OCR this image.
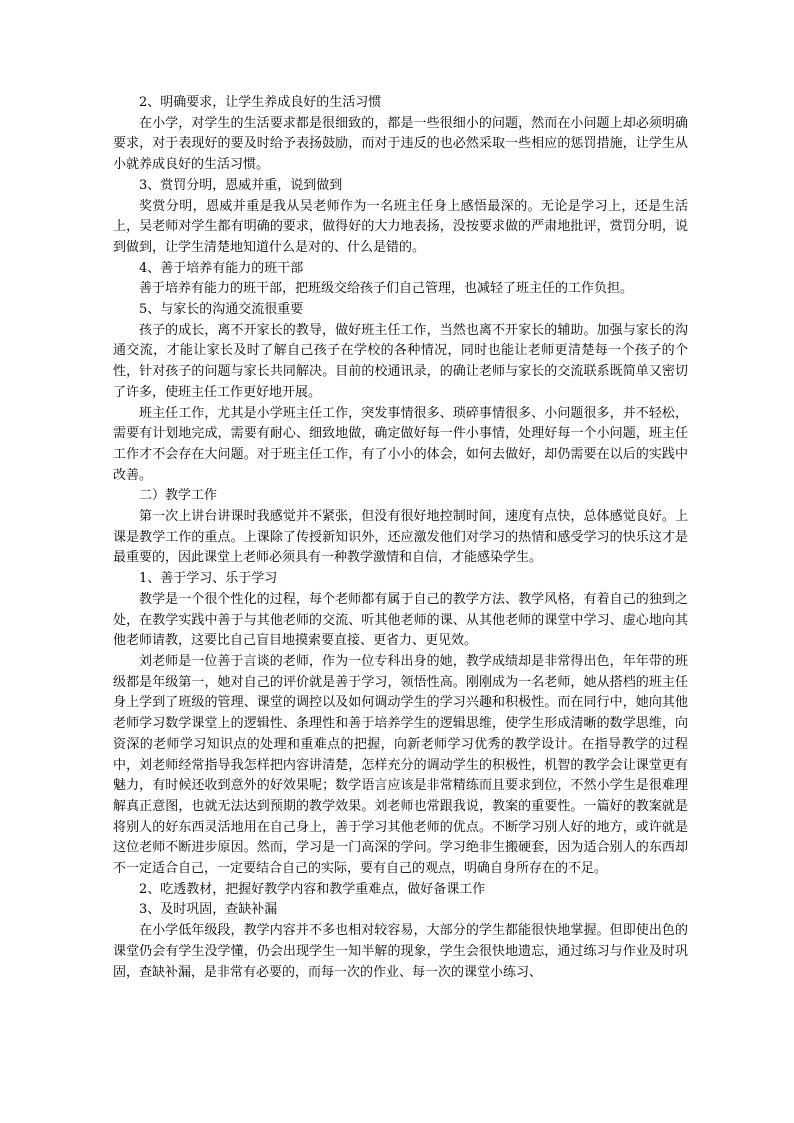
2、明确要求，让学生养成良好的生活习惯

在小学，对学生的生活要求都是很细致的，都是一些很细小的问题，然而在小问题上却必须明确要求，对于表现好的要及时给予表扬鼓励，而对于违反的也必然采取一些相应的惩罚措施，让学生从小就养成良好的生活习惯。

3、赏罚分明，恩威并重，说到做到

奖赏分明，恩威并重是我从吴老师作为一名班主任身上感悟最深的。无论是学习上，还是生活上，吴老师对学生都有明确的要求，做得好的大力地表扬，没按要求做的严肃地批评，赏罚分明，说到做到，让学生清楚地知道什么是对的、什么是错的。

4、善于培养有能力的班干部

善于培养有能力的班干部，把班级交给孩子们自己管理，也减轻了班主任的工作负担。

5、与家长的沟通交流很重要

孩子的成长，离不开家长的教导，做好班主任工作，当然也离不开家长的辅助。加强与家长的沟通交流，才能让家长及时了解自己孩子在学校的各种情况，同时也能让老师更清楚每一个孩子的个性，针对孩子的问题与家长共同解决。目前的校通讯录，的确让老师与家长的交流联系既简单又密切了许多，使班主任工作更好地开展。

班主任工作，尤其是小学班主任工作，突发事情很多、琐碎事情很多、小问题很多，并不轻松，需要有计划地完成，需要有耐心、细致地做，确定做好每一件小事情，处理好每一个小问题，班主任工作才不会存在大问题。对于班主任工作，有了小小的体会，如何去做好，却仍需要在以后的实践中改善。

二）教学工作

第一次上讲台讲课时我感觉并不紧张，但没有很好地控制时间，速度有点快，总体感觉良好。上课是教学工作的重点。上课除了传授新知识外，还应激发他们对学习的热情和感受学习的快乐这才是最重要的，因此课堂上老师必须具有一种教学激情和自信，才能感染学生。

1、善于学习、乐于学习

教学是一个很个性化的过程，每个老师都有属于自己的教学方法、教学风格，有着自己的独到之处，在教学实践中善于与其他老师的交流、听其他老师的课、从其他老师的课堂中学习、虚心地向其他老师请教，这要比自己盲目地摸索要直接、更省力、更见效。

刘老师是一位善于言谈的老师，作为一位专科出身的她，教学成绩却是非常得出色，年年带的班级都是年级第一，她对自己的评价就是善于学习，领悟性高。刚刚成为一名老师，她从搭档的班主任身上学到了班级的管理、课堂的调控以及如何调动学生的学习兴趣和积极性。而在同行中，她向其他老师学习数学课堂上的逻辑性、条理性和善于培养学生的逻辑思维，使学生形成清晰的数学思维，向资深的老师学习知识点的处理和重难点的把握，向新老师学习优秀的教学设计。在指导教学的过程中，刘老师经常指导我怎样把内容讲清楚，怎样充分的调动学生的积极性，机智的教学会让课堂更有魅力，有时候还收到意外的好效果呢；数学语言应该是非常精练而且要求到位，不然小学生是很难理解真正意图，也就无法达到预期的教学效果。刘老师也常跟我说，教案的重要性。一篇好的教案就是将别人的好东西灵活地用在自己身上，善于学习其他老师的优点。不断学习别人好的地方，或许就是这位老师不断进步原因。然而，学习是一门高深的学问。学习绝非生搬硬套，因为适合别人的东西却不一定适合自己，一定要结合自己的实际，要有自己的观点，明确自身所存在的不足。

2、吃透教材，把握好教学内容和教学重难点，做好备课工作

3、及时巩固，查缺补漏

在小学低年级段，教学内容并不多也相对较容易，大部分的学生都能很快地掌握。但即使出色的课堂仍会有学生没学懂，仍会出现学生一知半解的现象，学生会很快地遗忘，通过练习与作业及时巩固，查缺补漏，是非常有必要的，而每一次的作业、每一次的课堂小练习、
